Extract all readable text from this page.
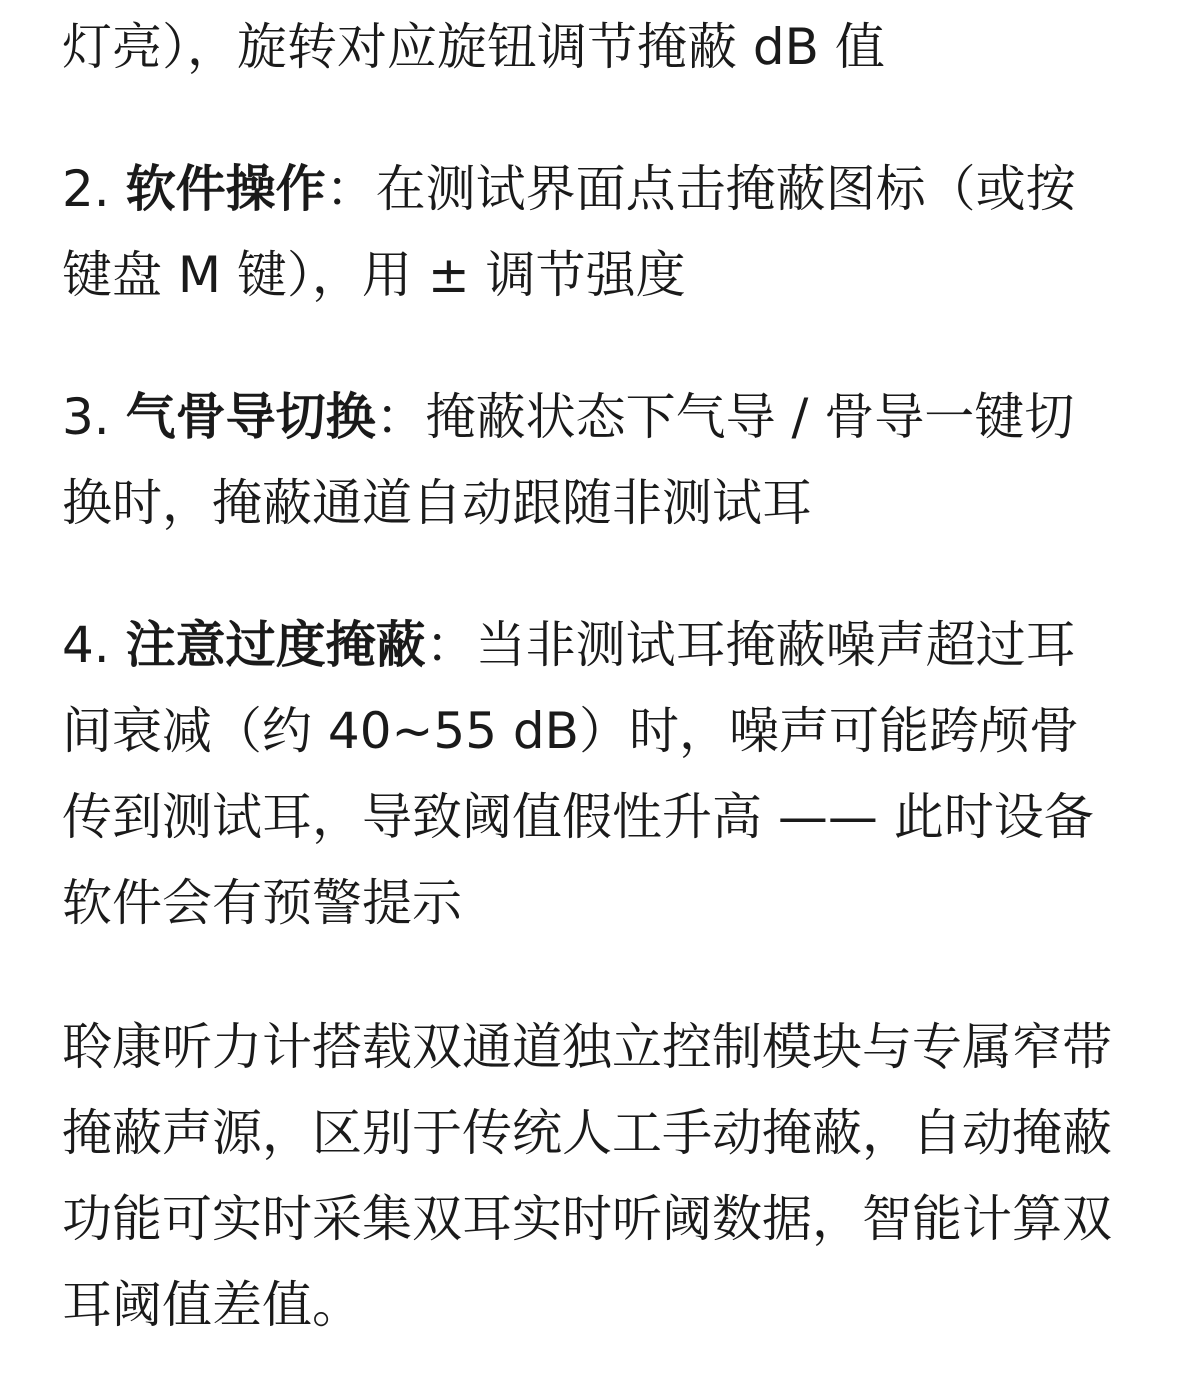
灯亮），旋转对应旋钮调节掩蔽 dB 值

2. 软件操作：在测试界面点击掩蔽图标（或按键盘 M 键），用 ± 调节强度

3. 气骨导切换：掩蔽状态下气导 / 骨导一键切换时，掩蔽通道自动跟随非测试耳

4. 注意过度掩蔽：当非测试耳掩蔽噪声超过耳间衰减（约 40~55 dB）时，噪声可能跨颅骨传到测试耳，导致阈值假性升高 —— 此时设备软件会有预警提示

聆康听力计搭载双通道独立控制模块与专属窄带掩蔽声源，区别于传统人工手动掩蔽，自动掩蔽功能可实时采集双耳实时听阈数据，智能计算双耳阈值差值。
